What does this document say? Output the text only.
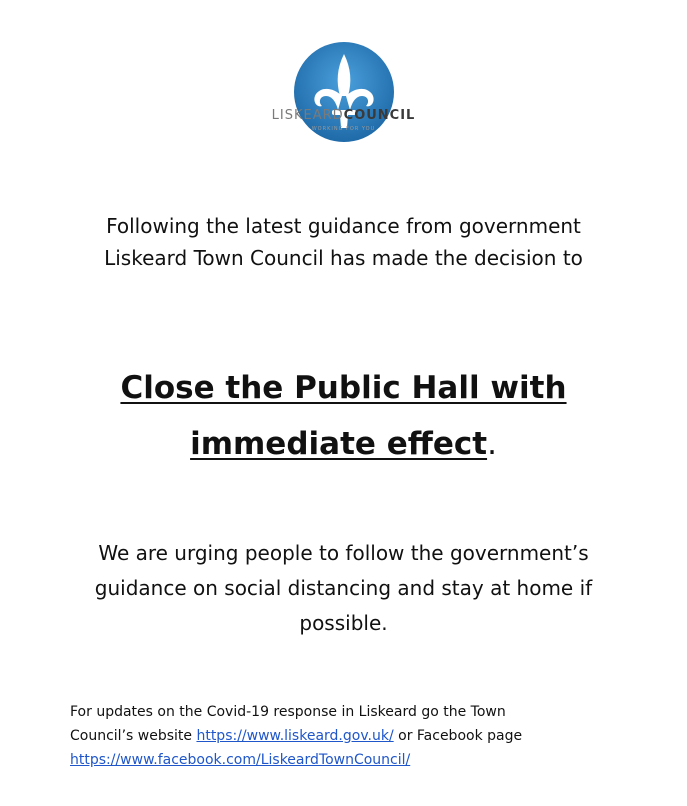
LISKEARDCOUNCIL
WORKING FOR YOU
Following the latest guidance from government
Liskeard Town Council has made the decision to
Close the Public Hall with
immediate effect.
We are urging people to follow the government’s
guidance on social distancing and stay at home if
possible.
For updates on the Covid-19 response in Liskeard go the Town
Council’s website https://www.liskeard.gov.uk/ or Facebook page
https://www.facebook.com/LiskeardTownCouncil/
